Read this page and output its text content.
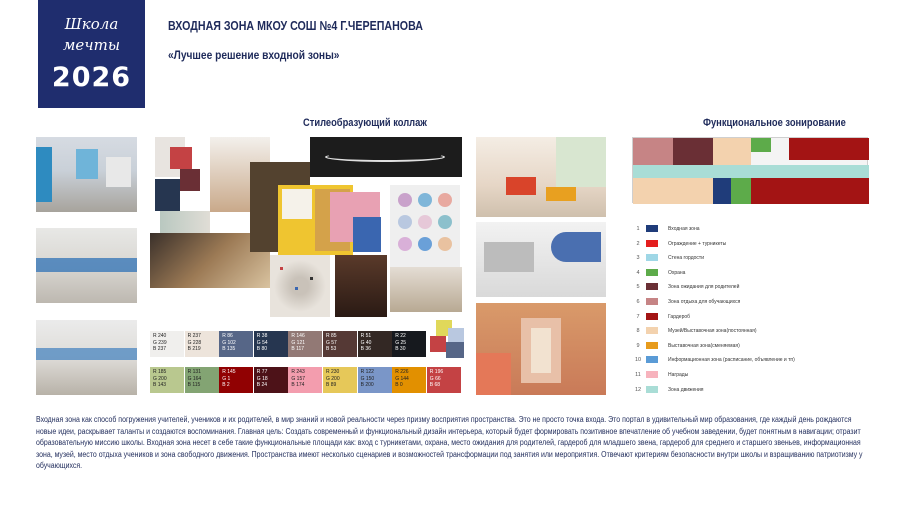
Школа
мечты
2026
ВХОДНАЯ ЗОНА МКОУ СОШ №4 Г.ЧЕРЕПАНОВА
«Лучшее решение входной зоны»
Стилеобразующий коллаж	Функциональное зонирование
R 240
G 239
B 237
R 237
G 228
B 219
R 86
G 102
B 135
R 38
G 54
B 80
R 146
G 121
B 117
R 85
G 57
B 53
R 51
G 40
B 36
R 22
G 25
B 30
R 185
G 200
B 143
R 131
G 164
B 115
R 145
G 1
B 2
R 77
G 18
B 24
R 243
G 157
B 174
R 230
G 200
B 89
R 122
G 150
B 200
R 226
G 144
B 0
R 196
G 66
B 68
1	Входная зона
2	Ограждение + турникеты
3	Стена гордости
4	Охрана
5	Зона ожидания для родителей
6	Зона отдыха для обучающихся
7	Гардероб
8	Музей/Выставочная зона(постоянная)
9	Выставочная зона(сменяемая)
10	Информационная зона (расписание, объявление и тп)
11	Награды
12	Зона движения
Входная зона как способ погружения учителей, учеников и их родителей, в мир знаний и новой реальности через призму восприятия пространства. Это не просто точка входа. Это портал в удивительный мир образования, где каждый день рождаются новые идеи, раскрывает таланты и создаются воспоминания. Главная цель: Создать современный и функциональный дизайн интерьера, который будет формировать позитивное впечатление об учебном заведении, будет понятным в навигации; отразит образовательную миссию школы. Входная зона несет в себе такие функциональные площади как: вход с турникетами, охрана, место ожидания для родителей, гардероб для младшего звена, гардероб для среднего и старшего звеньев, информационная зона, музей, место отдыха учеников и зона свободного движения. Пространства имеют несколько сценариев и возможностей трансформации под занятия или мероприятия. Отвечают критериям безопасности внутри школы и взращиванию патриотизму у обучающихся.
